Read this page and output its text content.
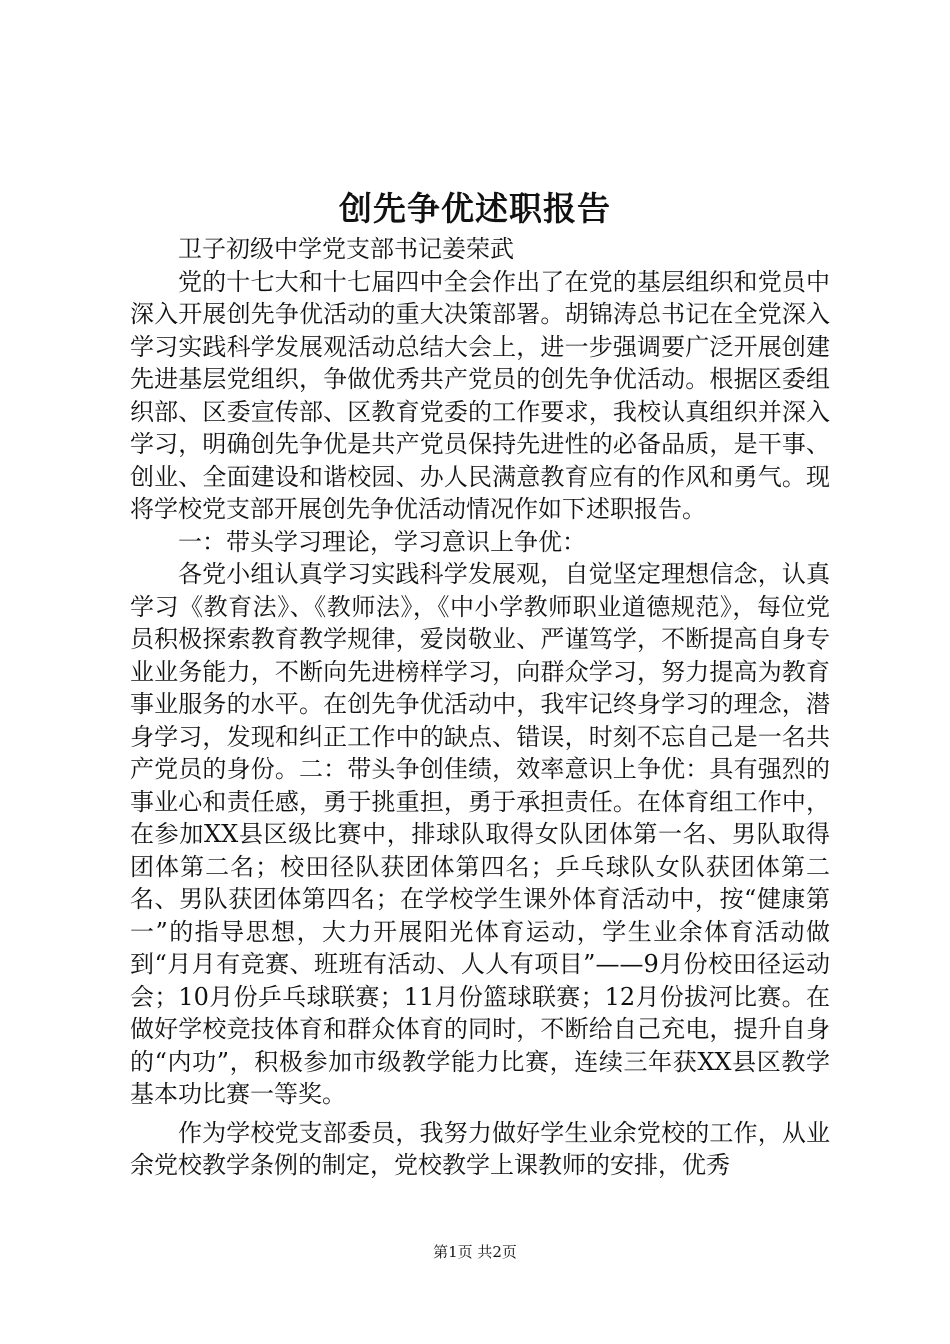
创先争优述职报告

卫子初级中学党支部书记姜荣武

党的十七大和十七届四中全会作出了在党的基层组织和党员中深入开展创先争优活动的重大决策部署。胡锦涛总书记在全党深入学习实践科学发展观活动总结大会上，进一步强调要广泛开展创建先进基层党组织，争做优秀共产党员的创先争优活动。根据区委组织部、区委宣传部、区教育党委的工作要求，我校认真组织并深入学习，明确创先争优是共产党员保持先进性的必备品质，是干事、创业、全面建设和谐校园、办人民满意教育应有的作风和勇气。现将学校党支部开展创先争优活动情况作如下述职报告。

一：带头学习理论，学习意识上争优：

各党小组认真学习实践科学发展观，自觉坚定理想信念，认真学习《教育法》、《教师法》，《中小学教师职业道德规范》，每位党员积极探索教育教学规律，爱岗敬业、严谨笃学，不断提高自身专业业务能力，不断向先进榜样学习，向群众学习，努力提高为教育事业服务的水平。在创先争优活动中，我牢记终身学习的理念，潜身学习，发现和纠正工作中的缺点、错误，时刻不忘自己是一名共产党员的身份。二：带头争创佳绩，效率意识上争优：具有强烈的事业心和责任感，勇于挑重担，勇于承担责任。在体育组工作中，在参加XX县区级比赛中，排球队取得女队团体第一名、男队取得团体第二名；校田径队获团体第四名；乒乓球队女队获团体第二名、男队获团体第四名；在学校学生课外体育活动中，按“健康第一”的指导思想，大力开展阳光体育运动，学生业余体育活动做到“月月有竞赛、班班有活动、人人有项目”——9月份校田径运动会；10月份乒乓球联赛；11月份篮球联赛；12月份拔河比赛。在做好学校竞技体育和群众体育的同时，不断给自己充电，提升自身的“内功”，积极参加市级教学能力比赛，连续三年获XX县区教学基本功比赛一等奖。

作为学校党支部委员，我努力做好学生业余党校的工作，从业余党校教学条例的制定，党校教学上课教师的安排，优秀

第1页 共2页
